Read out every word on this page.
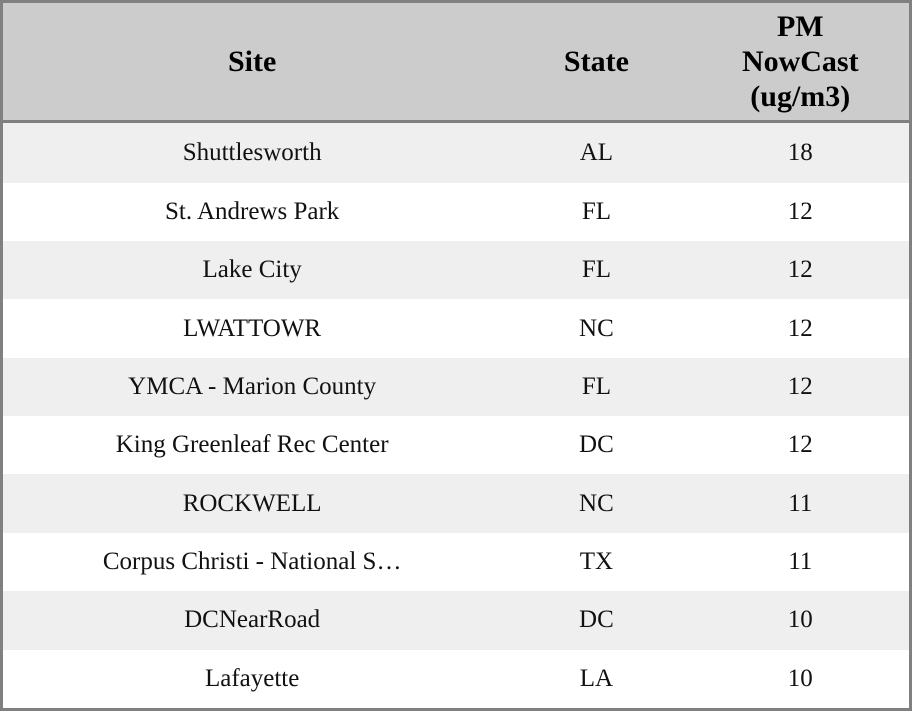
Site	State	PM
NowCast
(ug/m3)

Shuttlesworth	AL	18
St. Andrews Park	FL	12
Lake City	FL	12
LWATTOWR	NC	12
YMCA - Marion County	FL	12
King Greenleaf Rec Center	DC	12
ROCKWELL	NC	11
Corpus Christi - National S…	TX	11
DCNearRoad	DC	10
Lafayette	LA	10
